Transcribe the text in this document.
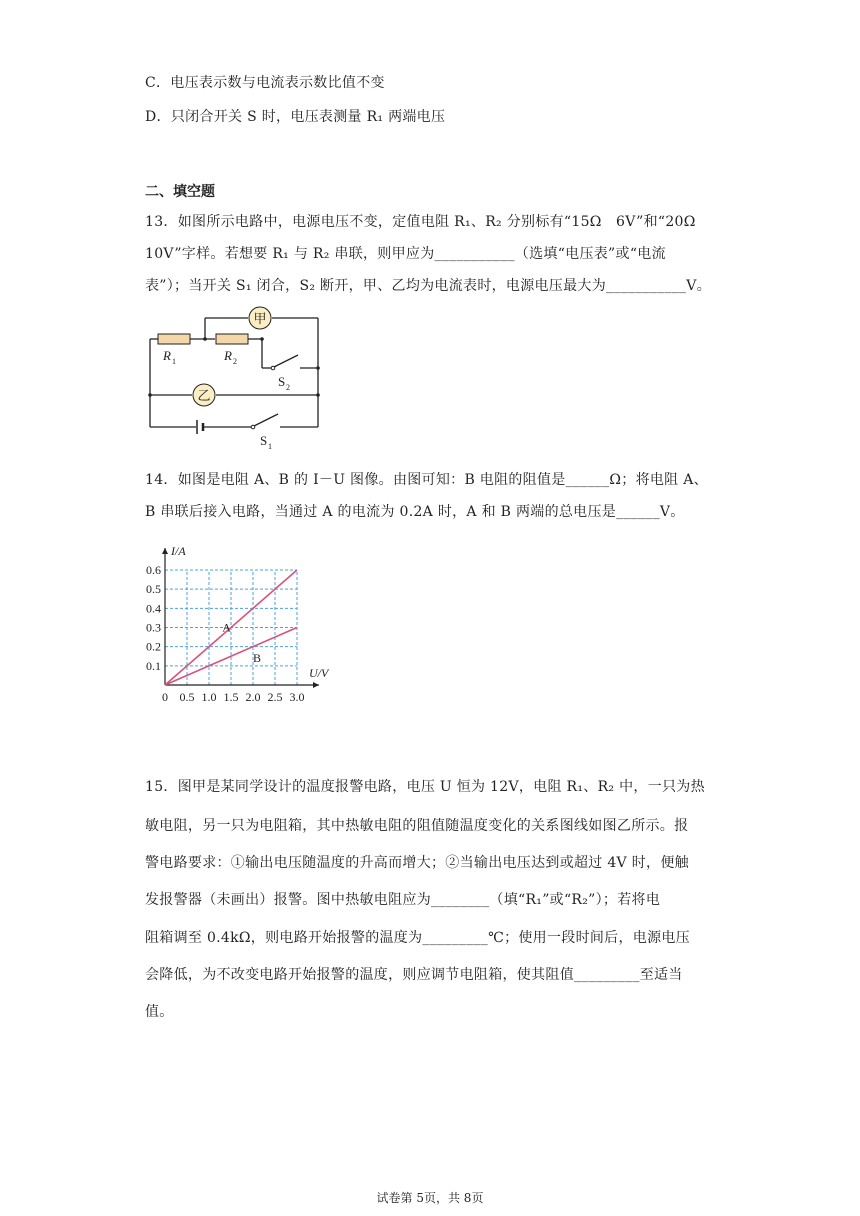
C．电压表示数与电流表示数比值不变
D．只闭合开关 S 时，电压表测量 R₁ 两端电压
二、填空题
13．如图所示电路中，电源电压不变，定值电阻 R₁、R₂ 分别标有“15Ω　6V”和“20Ω
10V”字样。若想要 R₁ 与 R₂ 串联，则甲应为___________（选填“电压表”或“电流
表”）；当开关 S₁ 闭合，S₂ 断开，甲、乙均为电流表时，电源电压最大为___________V。
甲
乙
R 1	R 2
S 2
S 1
14．如图是电阻 A、B 的 I－U 图像。由图可知：B 电阻的阻值是______Ω；将电阻 A、
B 串联后接入电路，当通过 A 的电流为 0.2A 时，A 和 B 两端的总电压是______V。
A
B
0 0.5 1.0 1.5 2.0 2.5 3.0
0.1
0.2
0.3
0.4
0.5
0.6
U/V
I/A
15．图甲是某同学设计的温度报警电路，电压 U 恒为 12V，电阻 R₁、R₂ 中，一只为热
敏电阻，另一只为电阻箱，其中热敏电阻的阻值随温度变化的关系图线如图乙所示。报
警电路要求：①输出电压随温度的升高而增大；②当输出电压达到或超过 4V 时，便触
发报警器（未画出）报警。图中热敏电阻应为________（填“R₁”或“R₂”）；若将电
阻箱调至 0.4kΩ，则电路开始报警的温度为_________℃；使用一段时间后，电源电压
会降低，为不改变电路开始报警的温度，则应调节电阻箱，使其阻值_________至适当
值。
试卷第 5页，共 8页
